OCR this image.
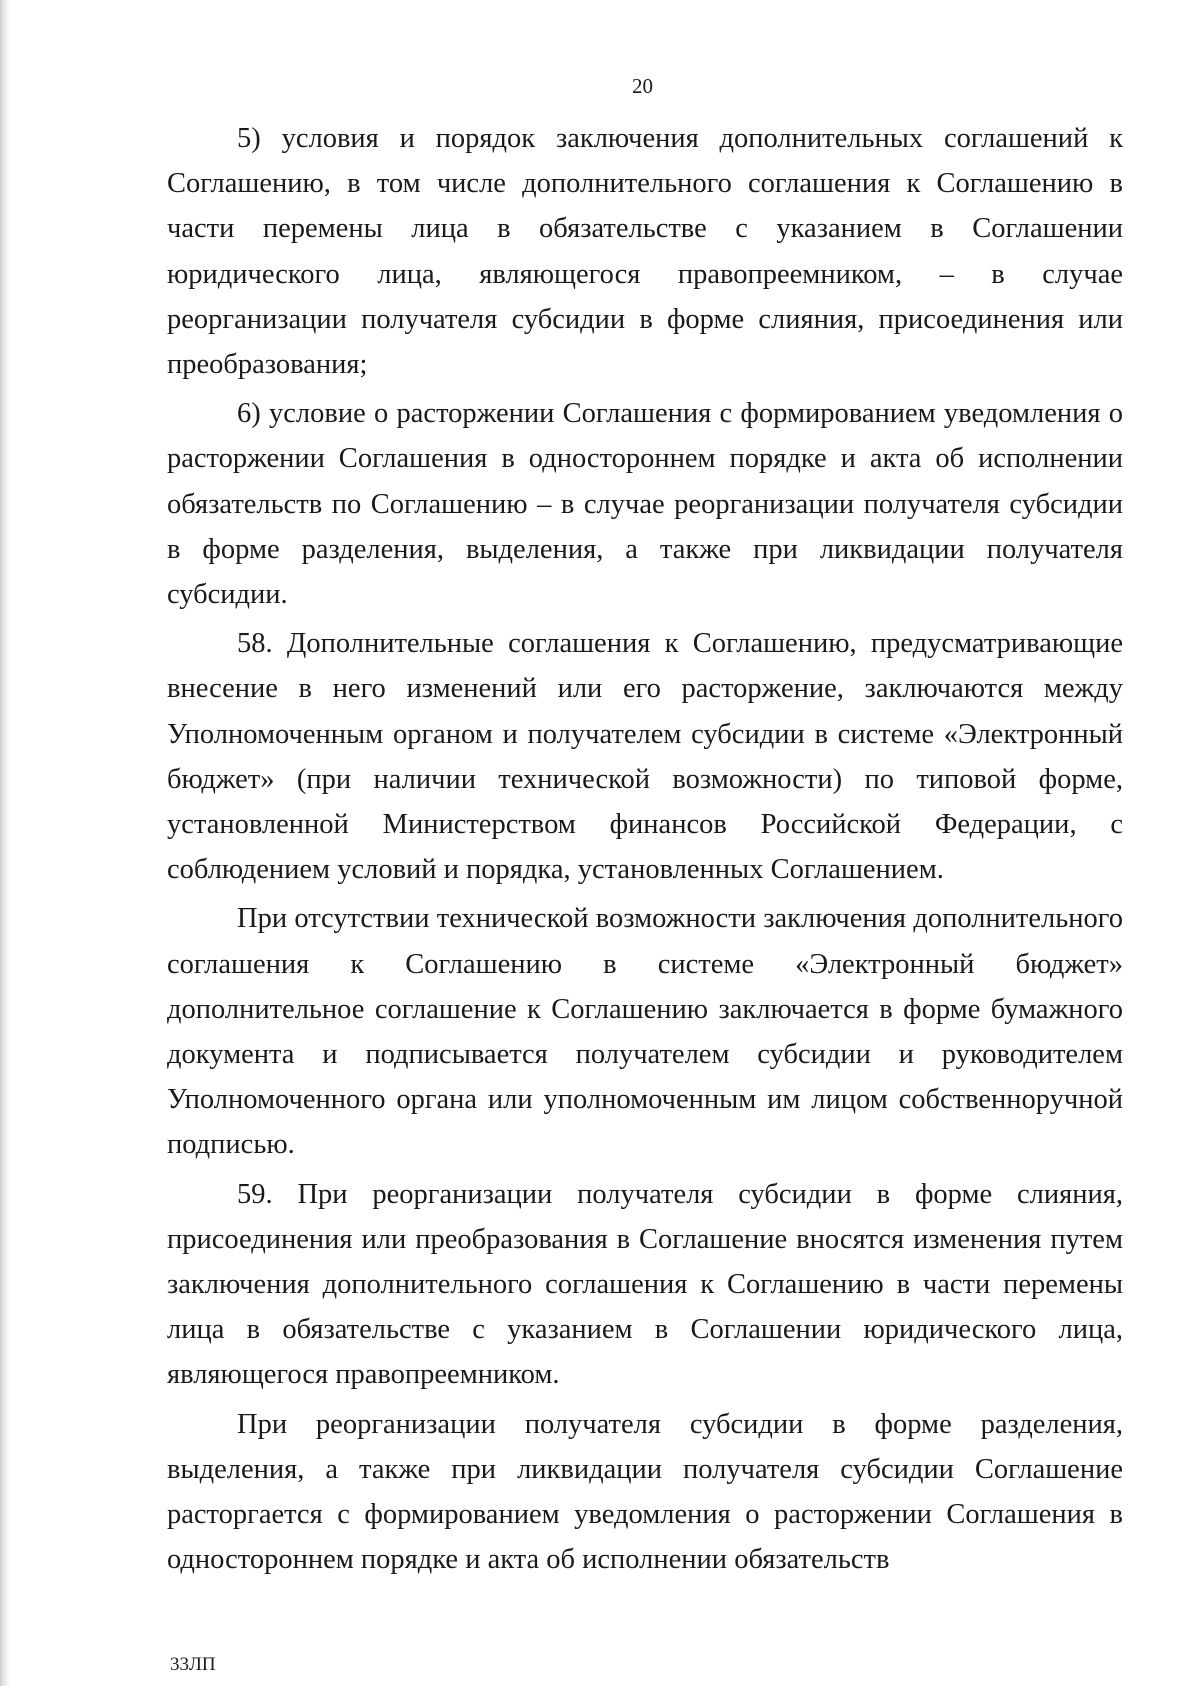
20

5) условия и порядок заключения дополнительных соглашений к Соглашению, в том числе дополнительного соглашения к Соглашению в части перемены лица в обязательстве с указанием в Соглашении юридического лица, являющегося правопреемником, – в случае реорганизации получателя субсидии в форме слияния, присоединения или преобразования;

6) условие о расторжении Соглашения с формированием уведомления о расторжении Соглашения в одностороннем порядке и акта об исполнении обязательств по Соглашению – в случае реорганизации получателя субсидии в форме разделения, выделения, а также при ликвидации получателя субсидии.

58. Дополнительные соглашения к Соглашению, предусматривающие внесение в него изменений или его расторжение, заключаются между Уполномоченным органом и получателем субсидии в системе «Электронный бюджет» (при наличии технической возможности) по типовой форме, установленной Министерством финансов Российской Федерации, с соблюдением условий и порядка, установленных Соглашением.

При отсутствии технической возможности заключения дополнительного соглашения к Соглашению в системе «Электронный бюджет» дополнительное соглашение к Соглашению заключается в форме бумажного документа и подписывается получателем субсидии и руководителем Уполномоченного органа или уполномоченным им лицом собственноручной подписью.

59. При реорганизации получателя субсидии в форме слияния, присоединения или преобразования в Соглашение вносятся изменения путем заключения дополнительного соглашения к Соглашению в части перемены лица в обязательстве с указанием в Соглашении юридического лица, являющегося правопреемником.

При реорганизации получателя субсидии в форме разделения, выделения, а также при ликвидации получателя субсидии Соглашение расторгается с формированием уведомления о расторжении Соглашения в одностороннем порядке и акта об исполнении обязательств

33ЛП
